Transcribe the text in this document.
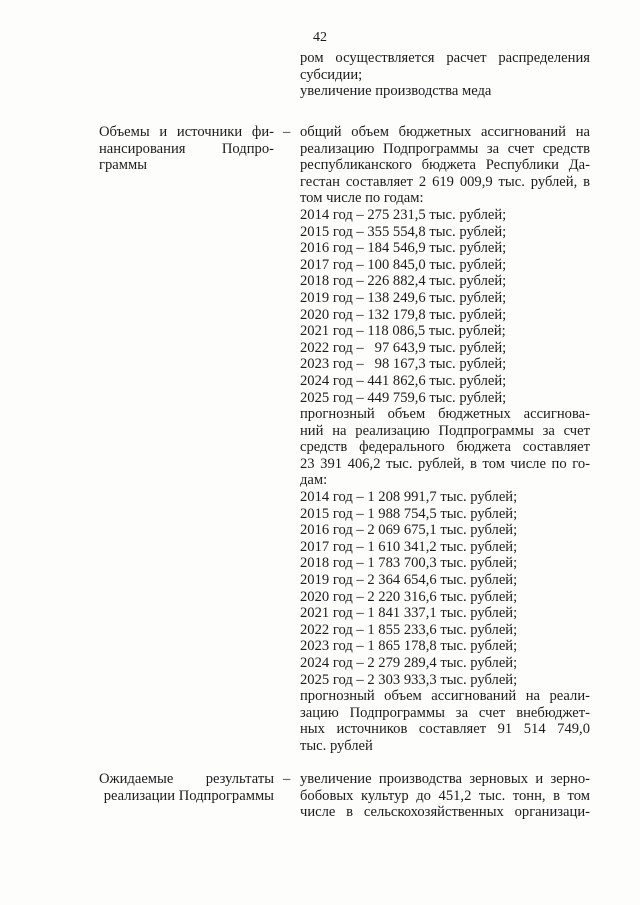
42
ром осуществляется расчет распределения
субсидии;
увеличение производства меда
Объемы и источники фи-
нансирования Подпро-
граммы
– общий объем бюджетных ассигнований на
реализацию Подпрограммы за счет средств
республиканского бюджета Республики Да-
гестан составляет 2 619 009,9 тыс. рублей, в
том числе по годам:
2014 год – 275 231,5 тыс. рублей;
2015 год – 355 554,8 тыс. рублей;
2016 год – 184 546,9 тыс. рублей;
2017 год – 100 845,0 тыс. рублей;
2018 год – 226 882,4 тыс. рублей;
2019 год – 138 249,6 тыс. рублей;
2020 год – 132 179,8 тыс. рублей;
2021 год – 118 086,5 тыс. рублей;
2022 год –   97 643,9 тыс. рублей;
2023 год –   98 167,3 тыс. рублей;
2024 год – 441 862,6 тыс. рублей;
2025 год – 449 759,6 тыс. рублей;
прогнозный объем бюджетных ассигнова-
ний на реализацию Подпрограммы за счет
средств федерального бюджета составляет
23 391 406,2 тыс. рублей, в том числе по го-
дам:
2014 год – 1 208 991,7 тыс. рублей;
2015 год – 1 988 754,5 тыс. рублей;
2016 год – 2 069 675,1 тыс. рублей;
2017 год – 1 610 341,2 тыс. рублей;
2018 год – 1 783 700,3 тыс. рублей;
2019 год – 2 364 654,6 тыс. рублей;
2020 год – 2 220 316,6 тыс. рублей;
2021 год – 1 841 337,1 тыс. рублей;
2022 год – 1 855 233,6 тыс. рублей;
2023 год – 1 865 178,8 тыс. рублей;
2024 год – 2 279 289,4 тыс. рублей;
2025 год – 2 303 933,3 тыс. рублей;
прогнозный объем ассигнований на реали-
зацию Подпрограммы за счет внебюджет-
ных источников составляет 91 514 749,0
тыс. рублей
Ожидаемые результаты
реализации Подпрограммы
– увеличение производства зерновых и зерно-
бобовых культур до 451,2 тыс. тонн, в том
числе в сельскохозяйственных организаци-
